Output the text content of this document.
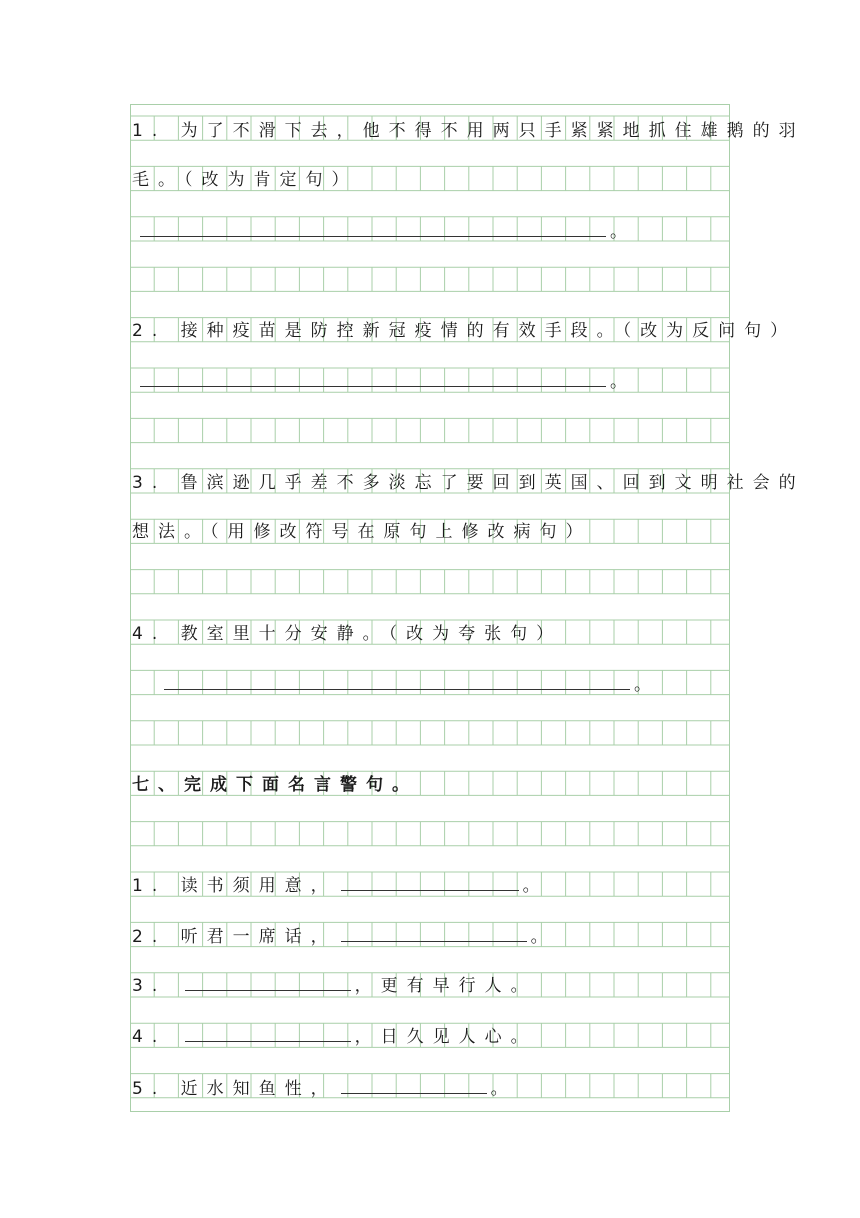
1. 为了不滑下去，他不得不用两只手紧紧地抓住雄鹅的羽
毛。（改为肯定句）
。
2. 接种疫苗是防控新冠疫情的有效手段。（改为反问句）
。
3. 鲁滨逊几乎差不多淡忘了要回到英国、回到文明社会的
想法。（用修改符号在原句上修改病句）
4. 教室里十分安静。（改为夸张句）
。
七、完成下面名言警句。
1. 读书须用意，	。
2. 听君一席话，	。
3.	，更有早行人。
4.	，日久见人心。
5. 近水知鱼性，	。
